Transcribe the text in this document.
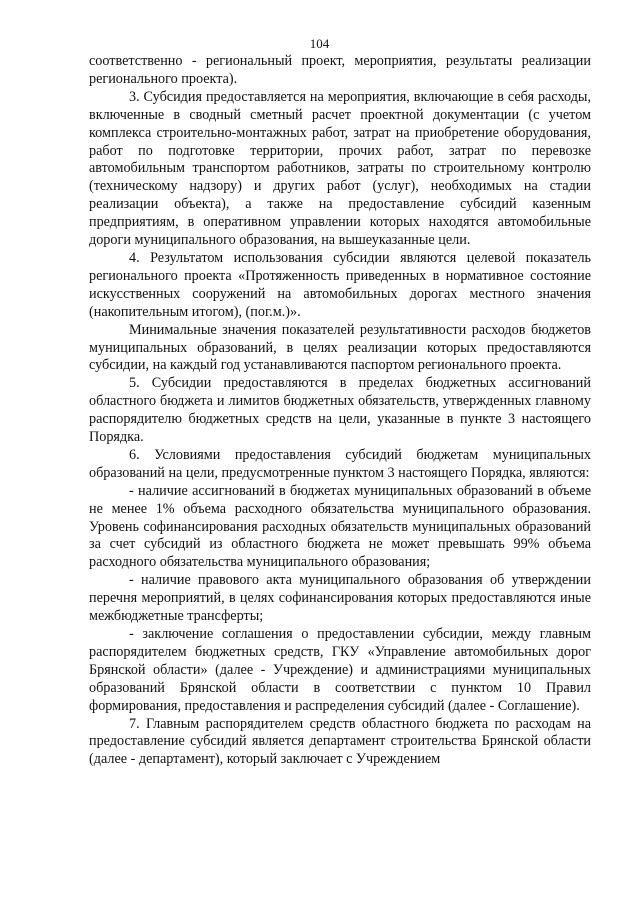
104

соответственно - региональный проект, мероприятия, результаты реализации регионального проекта).

3. Субсидия предоставляется на мероприятия, включающие в себя расходы, включенные в сводный сметный расчет проектной документации (с учетом комплекса строительно-монтажных работ, затрат на приобретение оборудования, работ по подготовке территории, прочих работ, затрат по перевозке автомобильным транспортом работников, затраты по строительному контролю (техническому надзору) и других работ (услуг), необходимых на стадии реализации объекта), а также на предоставление субсидий казенным предприятиям, в оперативном управлении которых находятся автомобильные дороги муниципального образования, на вышеуказанные цели.

4. Результатом использования субсидии являются целевой показатель регионального проекта «Протяженность приведенных в нормативное состояние искусственных сооружений на автомобильных дорогах местного значения (накопительным итогом), (пог.м.)».

Минимальные значения показателей результативности расходов бюджетов муниципальных образований, в целях реализации которых предоставляются субсидии, на каждый год устанавливаются паспортом регионального проекта.

5. Субсидии предоставляются в пределах бюджетных ассигнований областного бюджета и лимитов бюджетных обязательств, утвержденных главному распорядителю бюджетных средств на цели, указанные в пункте 3 настоящего Порядка.

6. Условиями предоставления субсидий бюджетам муниципальных образований на цели, предусмотренные пунктом 3 настоящего Порядка, являются:

- наличие ассигнований в бюджетах муниципальных образований в объеме не менее 1% объема расходного обязательства муниципального образования. Уровень софинансирования расходных обязательств муниципальных образований за счет субсидий из областного бюджета не может превышать 99% объема расходного обязательства муниципального образования;

- наличие правового акта муниципального образования об утверждении перечня мероприятий, в целях софинансирования которых предоставляются иные межбюджетные трансферты;

- заключение соглашения о предоставлении субсидии, между главным распорядителем бюджетных средств, ГКУ «Управление автомобильных дорог Брянской области» (далее - Учреждение) и администрациями муниципальных образований Брянской области в соответствии с пунктом 10 Правил формирования, предоставления и распределения субсидий (далее - Соглашение).

7. Главным распорядителем средств областного бюджета по расходам на предоставление субсидий является департамент строительства Брянской области (далее - департамент), который заключает с Учреждением
